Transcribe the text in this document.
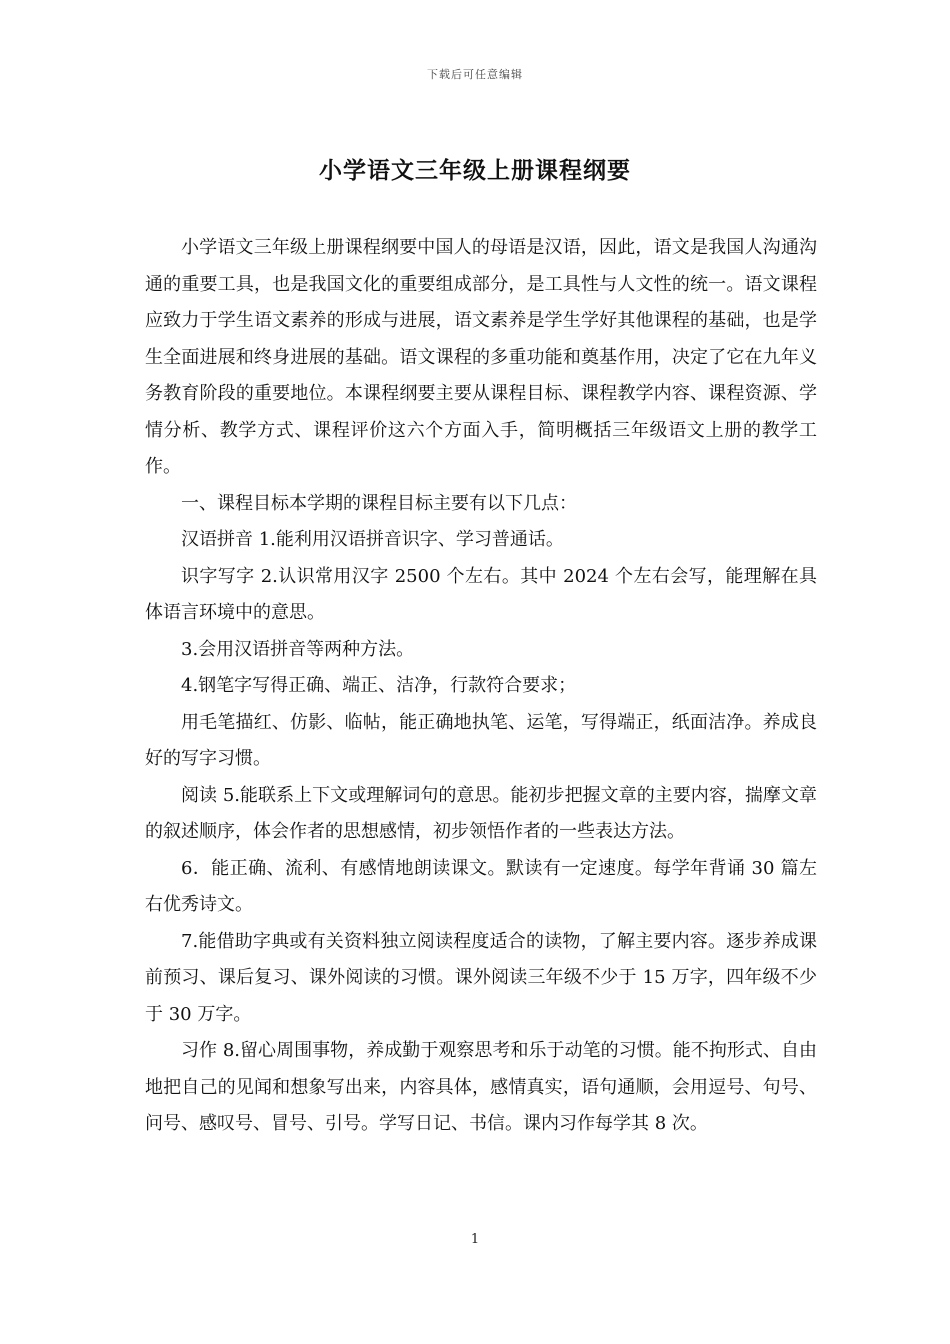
下载后可任意编辑
小学语文三年级上册课程纲要

小学语文三年级上册课程纲要中国人的母语是汉语，因此，语文是我国人沟通沟通的重要工具，也是我国文化的重要组成部分，是工具性与人文性的统一。语文课程应致力于学生语文素养的形成与进展，语文素养是学生学好其他课程的基础，也是学生全面进展和终身进展的基础。语文课程的多重功能和奠基作用，决定了它在九年义务教育阶段的重要地位。本课程纲要主要从课程目标、课程教学内容、课程资源、学情分析、教学方式、课程评价这六个方面入手，简明概括三年级语文上册的教学工作。

一、课程目标本学期的课程目标主要有以下几点：

汉语拼音 1.能利用汉语拼音识字、学习普通话。

识字写字 2.认识常用汉字 2500 个左右。其中 2024 个左右会写，能理解在具体语言环境中的意思。

3.会用汉语拼音等两种方法。

4.钢笔字写得正确、端正、洁净，行款符合要求；

用毛笔描红、仿影、临帖，能正确地执笔、运笔，写得端正，纸面洁净。养成良好的写字习惯。

阅读 5.能联系上下文或理解词句的意思。能初步把握文章的主要内容，揣摩文章的叙述顺序，体会作者的思想感情，初步领悟作者的一些表达方法。

6．能正确、流利、有感情地朗读课文。默读有一定速度。每学年背诵 30 篇左右优秀诗文。

7.能借助字典或有关资料独立阅读程度适合的读物，了解主要内容。逐步养成课前预习、课后复习、课外阅读的习惯。课外阅读三年级不少于 15 万字，四年级不少于 30 万字。

习作 8.留心周围事物，养成勤于观察思考和乐于动笔的习惯。能不拘形式、自由地把自己的见闻和想象写出来，内容具体，感情真实，语句通顺，会用逗号、句号、问号、感叹号、冒号、引号。学写日记、书信。课内习作每学其 8 次。

1
